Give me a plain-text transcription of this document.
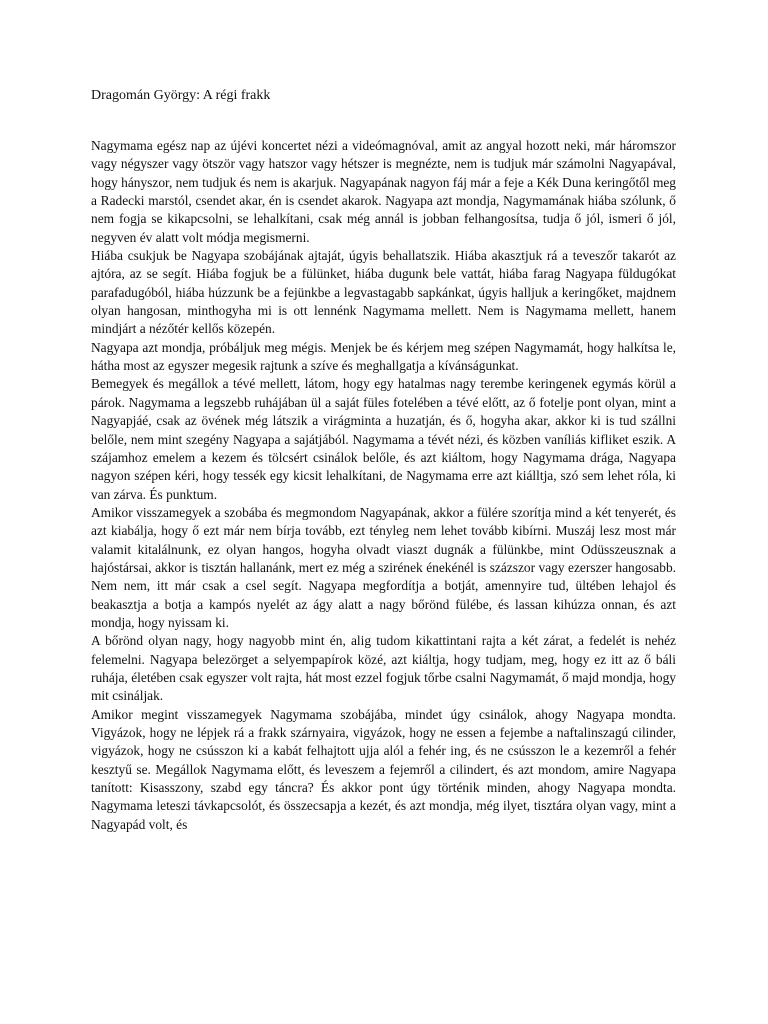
Dragomán György: A régi frakk

Nagymama egész nap az újévi koncertet nézi a videómagnóval, amit az angyal hozott neki, már háromszor vagy négyszer vagy ötször vagy hatszor vagy hétszer is megnézte, nem is tudjuk már számolni Nagyapával, hogy hányszor, nem tudjuk és nem is akarjuk. Nagyapának nagyon fáj már a feje a Kék Duna keringőtől meg a Radecki marstól, csendet akar, én is csendet akarok. Nagyapa azt mondja, Nagymamának hiába szólunk, ő nem fogja se kikapcsolni, se lehalkítani, csak még annál is jobban felhangosítsa, tudja ő jól, ismeri ő jól, negyven év alatt volt módja megismerni.

Hiába csukjuk be Nagyapa szobájának ajtaját, úgyis behallatszik. Hiába akasztjuk rá a teveszőr takarót az ajtóra, az se segít. Hiába fogjuk be a fülünket, hiába dugunk bele vattát, hiába farag Nagyapa füldugókat parafadugóból, hiába húzzunk be a fejünkbe a legvastagabb sapkánkat, úgyis halljuk a keringőket, majdnem olyan hangosan, minthogyha mi is ott lennénk Nagymama mellett. Nem is Nagymama mellett, hanem mindjárt a nézőtér kellős közepén.

Nagyapa azt mondja, próbáljuk meg mégis. Menjek be és kérjem meg szépen Nagymamát, hogy halkítsa le, hátha most az egyszer megesik rajtunk a szíve és meghallgatja a kívánságunkat.

Bemegyek és megállok a tévé mellett, látom, hogy egy hatalmas nagy terembe keringenek egymás körül a párok. Nagymama a legszebb ruhájában ül a saját füles fotelében a tévé előtt, az ő fotelje pont olyan, mint a Nagyapjáé, csak az övének még látszik a virágminta a huzatján, és ő, hogyha akar, akkor ki is tud szállni belőle, nem mint szegény Nagyapa a sajátjából. Nagymama a tévét nézi, és közben vaníliás kifliket eszik. A szájamhoz emelem a kezem és tölcsért csinálok belőle, és azt kiáltom, hogy Nagymama drága, Nagyapa nagyon szépen kéri, hogy tessék egy kicsit lehalkítani, de Nagymama erre azt kiálltja, szó sem lehet róla, ki van zárva. És punktum.

Amikor visszamegyek a szobába és megmondom Nagyapának, akkor a fülére szorítja mind a két tenyerét, és azt kiabálja, hogy ő ezt már nem bírja tovább, ezt tényleg nem lehet tovább kibírni. Muszáj lesz most már valamit kitalálnunk, ez olyan hangos, hogyha olvadt viaszt dugnák a fülünkbe, mint Odüsszeusznak a hajóstársai, akkor is tisztán hallanánk, mert ez még a szirének énekénél is százszor vagy ezerszer hangosabb. Nem nem, itt már csak a csel segít. Nagyapa megfordítja a botját, amennyire tud, ültében lehajol és beakasztja a botja a kampós nyelét az ágy alatt a nagy bőrönd fülébe, és lassan kihúzza onnan, és azt mondja, hogy nyissam ki.

A bőrönd olyan nagy, hogy nagyobb mint én, alig tudom kikattintani rajta a két zárat, a fedelét is nehéz felemelni. Nagyapa belezörget a selyempapírok közé, azt kiáltja, hogy tudjam, meg, hogy ez itt az ő báli ruhája, életében csak egyszer volt rajta, hát most ezzel fogjuk tőrbe csalni Nagymamát, ő majd mondja, hogy mit csináljak.

Amikor megint visszamegyek Nagymama szobájába, mindet úgy csinálok, ahogy Nagyapa mondta. Vigyázok, hogy ne lépjek rá a frakk szárnyaira, vigyázok, hogy ne essen a fejembe a naftalinszagú cilinder, vigyázok, hogy ne csússzon ki a kabát felhajtott ujja alól a fehér ing, és ne csússzon le a kezemről a fehér kesztyű se. Megállok Nagymama előtt, és leveszem a fejemről a cilindert, és azt mondom, amire Nagyapa tanított: Kisasszony, szabd egy táncra? És akkor pont úgy történik minden, ahogy Nagyapa mondta. Nagymama leteszi távkapcsolót, és összecsapja a kezét, és azt mondja, még ilyet, tisztára olyan vagy, mint a Nagyapád volt, és
